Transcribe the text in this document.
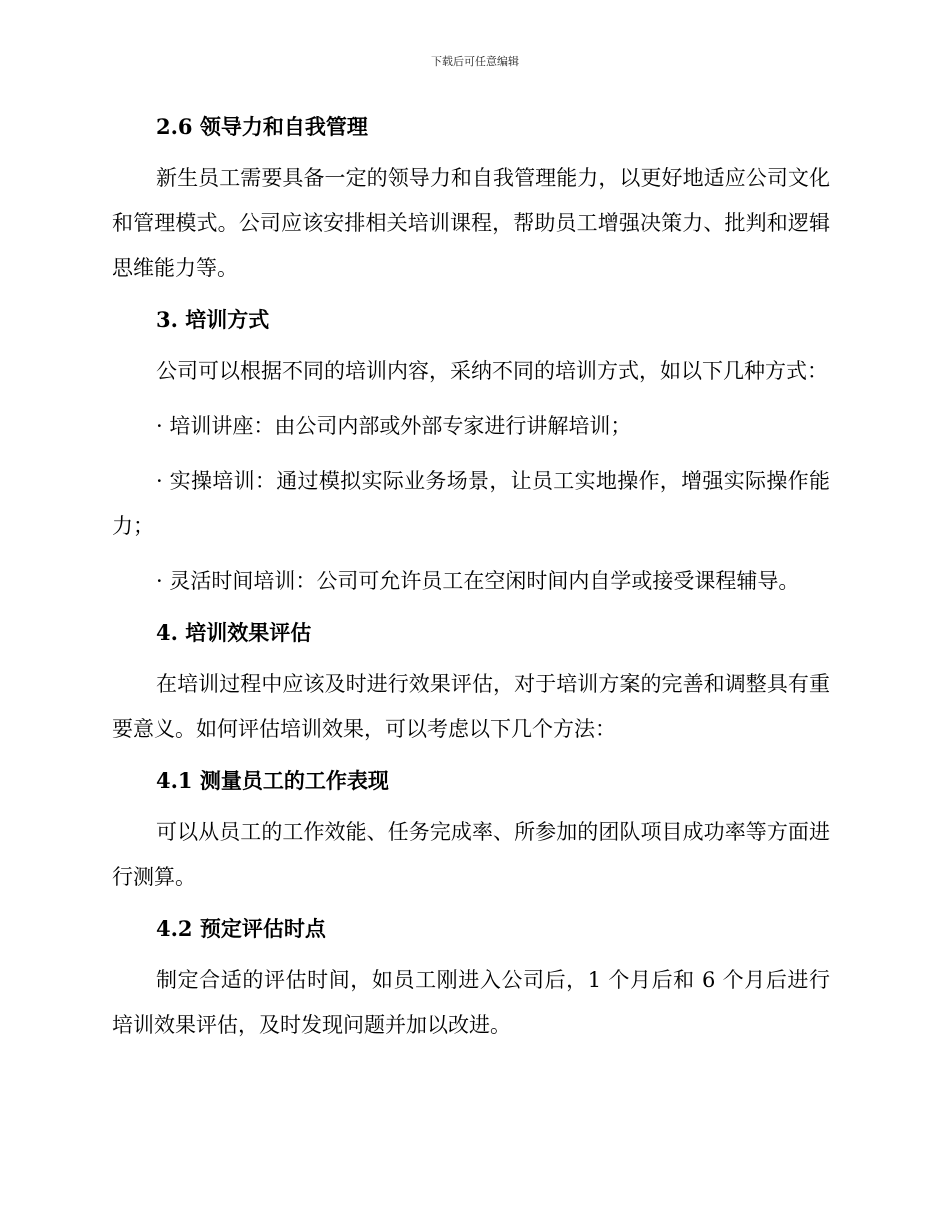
下载后可任意编辑
2.6 领导力和自我管理

新生员工需要具备一定的领导力和自我管理能力，以更好地适应公司文化和管理模式。公司应该安排相关培训课程，帮助员工增强决策力、批判和逻辑思维能力等。

3. 培训方式

公司可以根据不同的培训内容，采纳不同的培训方式，如以下几种方式：

· 培训讲座：由公司内部或外部专家进行讲解培训；

· 实操培训：通过模拟实际业务场景，让员工实地操作，增强实际操作能力；

· 灵活时间培训：公司可允许员工在空闲时间内自学或接受课程辅导。

4. 培训效果评估

在培训过程中应该及时进行效果评估，对于培训方案的完善和调整具有重要意义。如何评估培训效果，可以考虑以下几个方法：

4.1 测量员工的工作表现

可以从员工的工作效能、任务完成率、所参加的团队项目成功率等方面进行测算。

4.2 预定评估时点

制定合适的评估时间，如员工刚进入公司后，1 个月后和 6 个月后进行培训效果评估，及时发现问题并加以改进。
